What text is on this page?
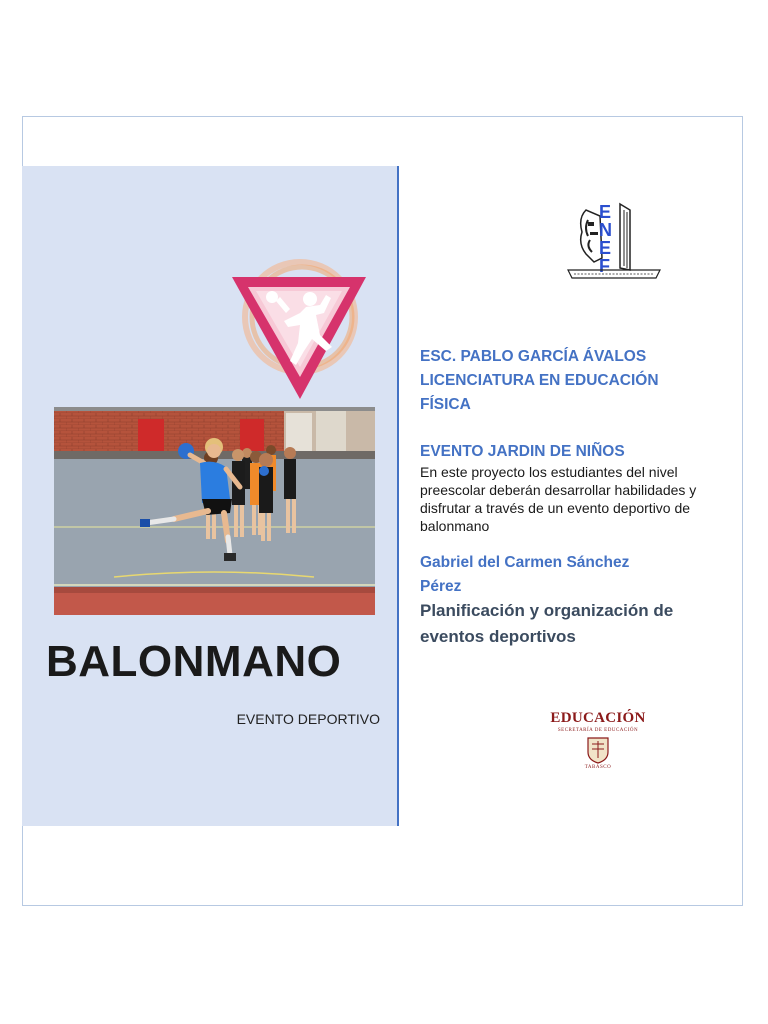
BALONMANO
EVENTO DEPORTIVO
E
N
E
F
ESC. PABLO GARCÍA ÁVALOS
LICENCIATURA EN EDUCACIÓN
FÍSICA
EVENTO JARDIN DE NIÑOS
En este proyecto los estudiantes del nivel preescolar deberán desarrollar habilidades y disfrutar a través de un evento deportivo de balonmano
Gabriel del Carmen Sánchez
Pérez
Planificación y organización de
eventos deportivos
EDUCACIÓN
SECRETARÍA DE EDUCACIÓN
TABASCO
